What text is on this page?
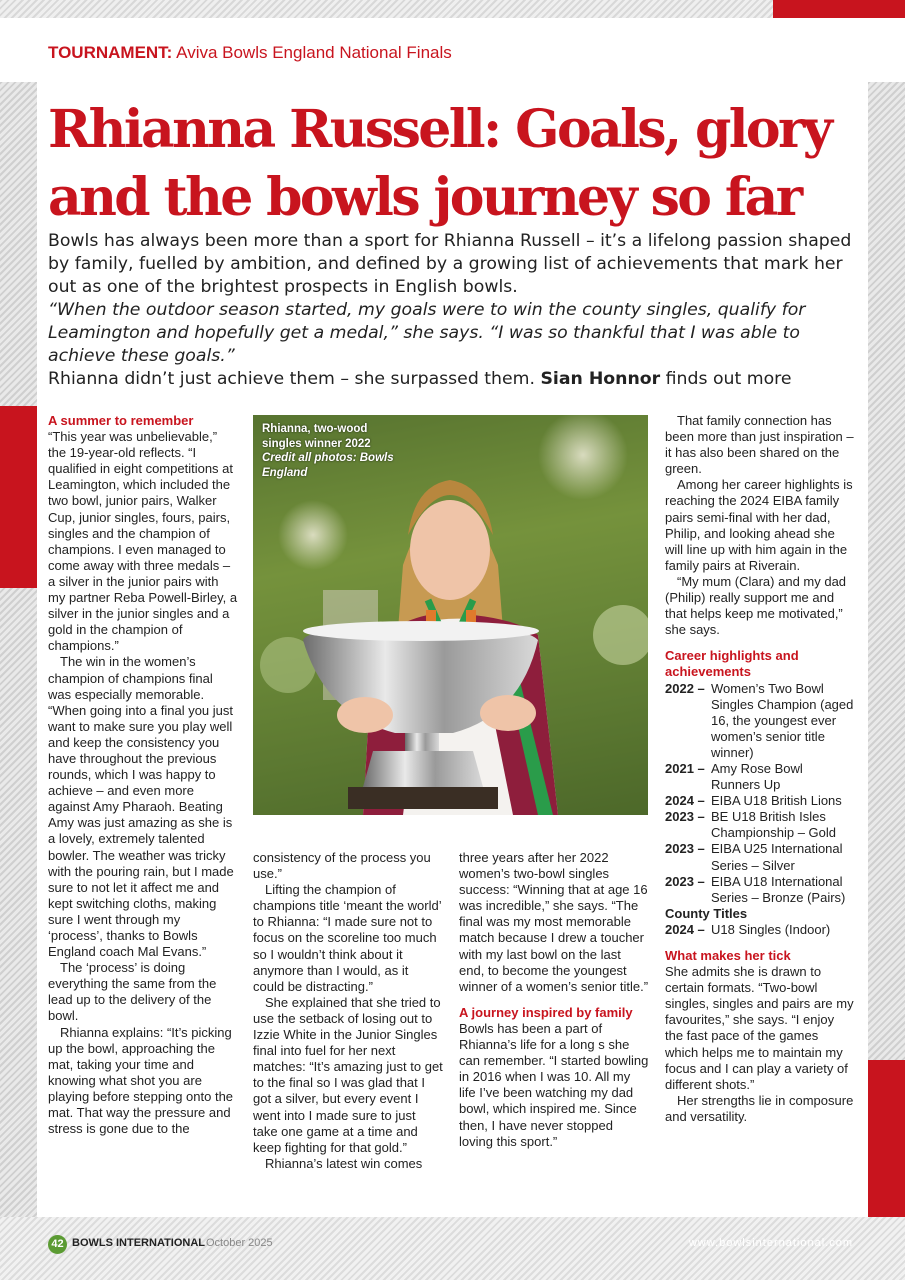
TOURNAMENT: Aviva Bowls England National Finals
Rhianna Russell: Goals, glory
and the bowls journey so far

Bowls has always been more than a sport for Rhianna Russell – it’s a lifelong passion shaped by family, fuelled by ambition, and defined by a growing list of achievements that mark her out as one of the brightest prospects in English bowls.

“When the outdoor season started, my goals were to win the county singles, qualify for Leamington and hopefully get a medal,” she says. “I was so thankful that I was able to achieve these goals.”

Rhianna didn’t just achieve them – she surpassed them. Sian Honnor finds out more

A summer to remember

“This year was unbelievable,” the 19-year-old reflects. “I qualified in eight competitions at Leamington, which included the two bowl, junior pairs, Walker Cup, junior singles, fours, pairs, singles and the champion of champions. I even managed to come away with three medals – a silver in the junior pairs with my partner Reba Powell-Birley, a silver in the junior singles and a gold in the champion of champions.”

The win in the women’s champion of champions final was especially memorable. “When going into a final you just want to make sure you play well and keep the consistency you have throughout the previous rounds, which I was happy to achieve – and even more against Amy Pharaoh. Beating Amy was just amazing as she is a lovely, extremely talented bowler. The weather was tricky with the pouring rain, but I made sure to not let it affect me and kept switching cloths, making sure I went through my ‘process’, thanks to Bowls England coach Mal Evans.”

The ‘process’ is doing everything the same from the lead up to the delivery of the bowl.

Rhianna explains: “It’s picking up the bowl, approaching the mat, taking your time and knowing what shot you are playing before stepping onto the mat. That way the pressure and stress is gone due to the

Rhianna, two-wood singles winner 2022
Credit all photos: Bowls England

consistency of the process you use.”

Lifting the champion of champions title ‘meant the world’ to Rhianna: “I made sure not to focus on the scoreline too much so I wouldn’t think about it anymore than I would, as it could be distracting.”

She explained that she tried to use the setback of losing out to Izzie White in the Junior Singles final into fuel for her next matches: “It’s amazing just to get to the final so I was glad that I got a silver, but every event I went into I made sure to just take one game at a time and keep fighting for that gold.”

Rhianna’s latest win comes

three years after her 2022 women’s two-bowl singles success: “Winning that at age 16 was incredible,” she says. “The final was my most memorable match because I drew a toucher with my last bowl on the last end, to become the youngest winner of a women’s senior title.”

A journey inspired by family

Bowls has been a part of Rhianna’s life for a long s she can remember. “I started bowling in 2016 when I was 10. All my life I’ve been watching my dad bowl, which inspired me. Since then, I have never stopped loving this sport.”

That family connection has been more than just inspiration – it has also been shared on the green.

Among her career highlights is reaching the 2024 EIBA family pairs semi-final with her dad, Philip, and looking ahead she will line up with him again in the family pairs at Riverain.

“My mum (Clara) and my dad (Philip) really support me and that helps keep me motivated,” she says.

Career highlights and achievements
2022 – Women’s Two Bowl Singles Champion (aged 16, the youngest ever women’s senior title winner)
2021 – Amy Rose Bowl Runners Up
2024 – EIBA U18 British Lions
2023 – BE U18 British Isles Championship – Gold
2023 – EIBA U25 International Series – Silver
2023 – EIBA U18 International Series – Bronze (Pairs)
County Titles
2024 – U18 Singles (Indoor)
What makes her tick

She admits she is drawn to certain formats. “Two-bowl singles, singles and pairs are my favourites,” she says. “I enjoy the fast pace of the games which helps me to maintain my focus and I can play a variety of different shots.”

Her strengths lie in composure and versatility.

42 BOWLS INTERNATIONAL October 2025	www.bowlsinternational.com
